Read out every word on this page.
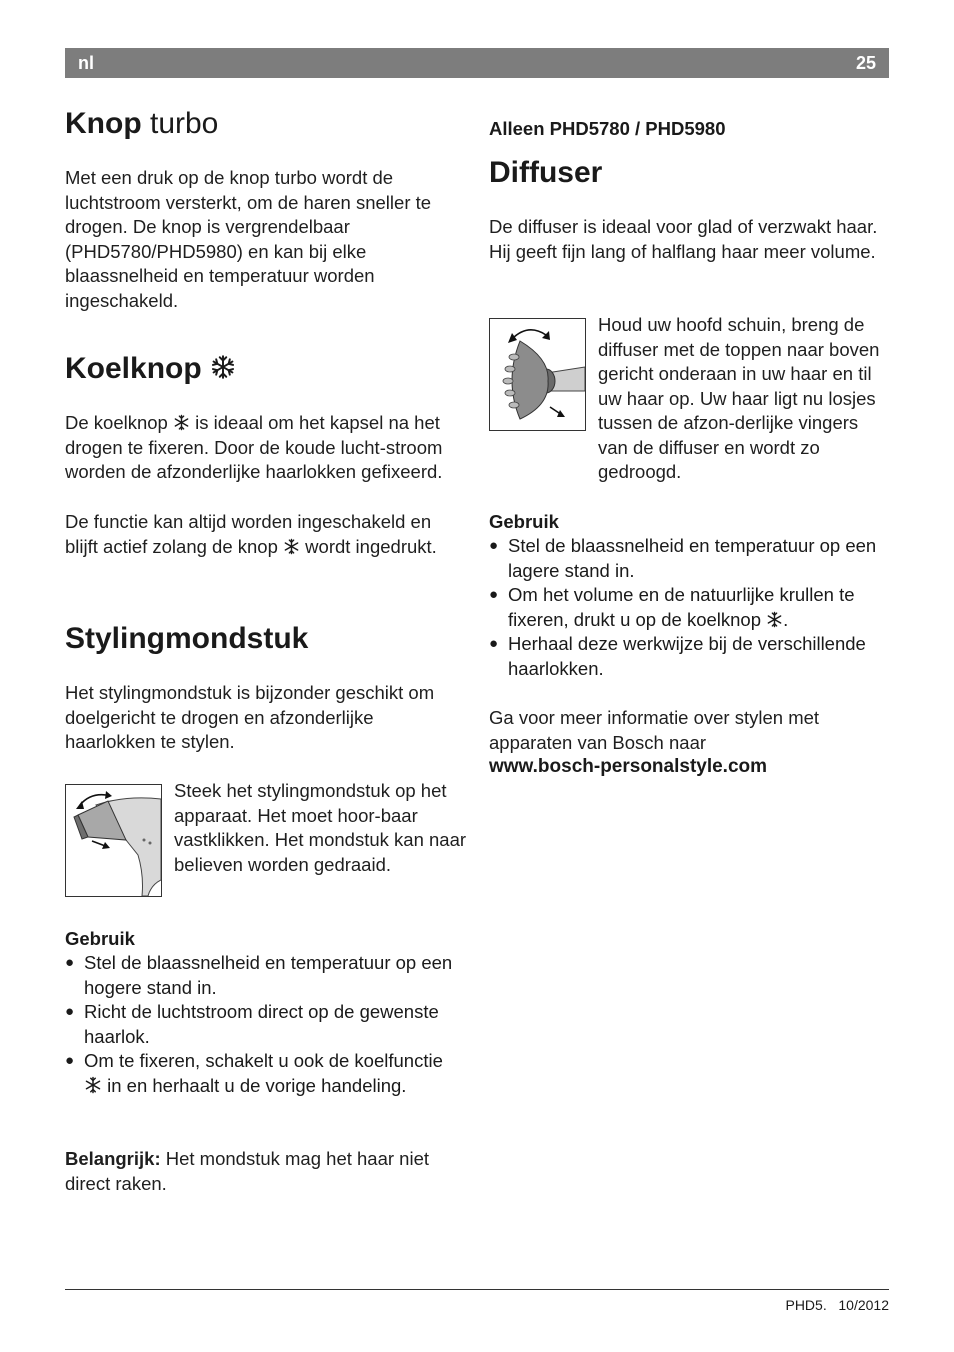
nl	25
Knop turbo

Met een druk op de knop turbo wordt de luchtstroom versterkt, om de haren sneller te drogen. De knop is vergrendelbaar (PHD5780/PHD5980) en kan bij elke blaassnelheid en temperatuur worden ingeschakeld.

Koelknop

De koelknop is ideaal om het kapsel na het drogen te fixeren. Door de koude lucht-stroom worden de afzonderlijke haarlokken gefixeerd.

De functie kan altijd worden ingeschakeld en blijft actief zolang de knop wordt ingedrukt.

Stylingmondstuk

Het stylingmondstuk is bijzonder geschikt om doelgericht te drogen en afzonderlijke haarlokken te stylen.

Steek het stylingmondstuk op het apparaat. Het moet hoor-baar vastklikken. Het mondstuk kan naar believen worden gedraaid.

Gebruik

● Stel de blaassnelheid en temperatuur op een hogere stand in.
● Richt de luchtstroom direct op de gewenste haarlok.
● Om te fixeren, schakelt u ook de koelfunctie  in en herhaalt u de vorige handeling.

Belangrijk: Het mondstuk mag het haar niet direct raken.

Alleen PHD5780 / PHD5980

Diffuser

De diffuser is ideaal voor glad of verzwakt haar. Hij geeft fijn lang of halflang haar meer volume.

Houd uw hoofd schuin, breng de diffuser met de toppen naar boven gericht onderaan in uw haar en til uw haar op. Uw haar ligt nu losjes tussen de afzon-derlijke vingers van de diffuser en wordt zo gedroogd.

Gebruik

● Stel de blaassnelheid en temperatuur op een lagere stand in.
● Om het volume en de natuurlijke krullen te fixeren, drukt u op de koelknop .
● Herhaal deze werkwijze bij de verschillende haarlokken.

Ga voor meer informatie over stylen met apparaten van Bosch naar

www.bosch-personalstyle.com

PHD5. 10/2012
